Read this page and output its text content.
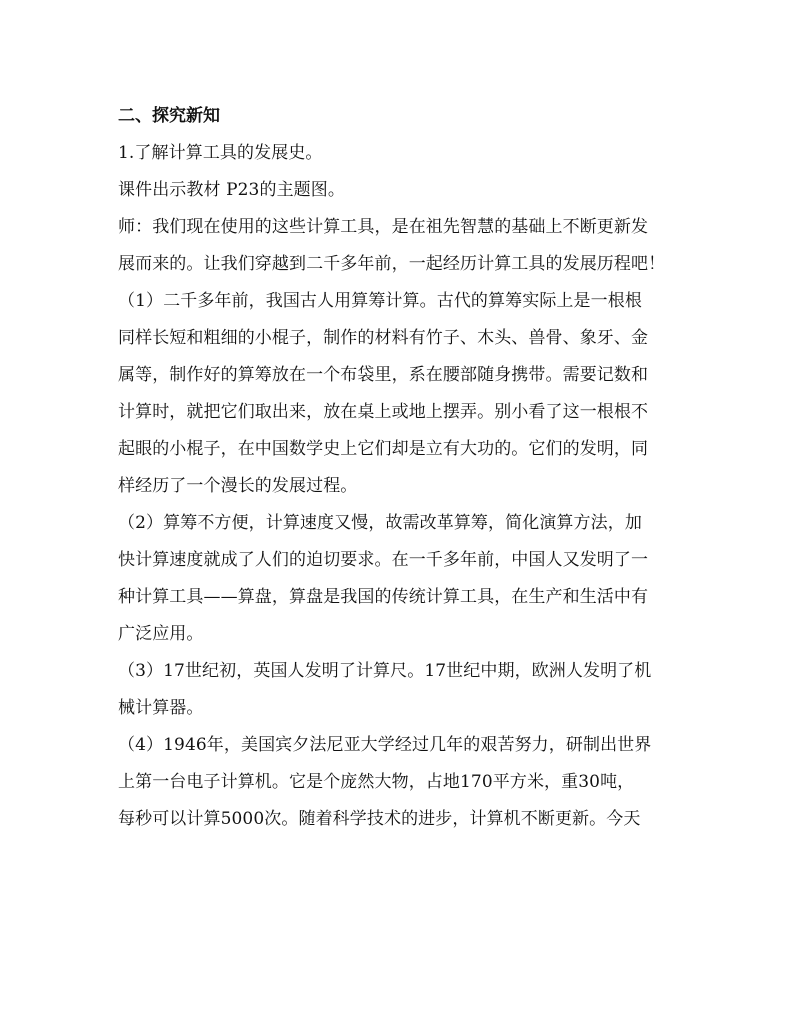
二、探究新知
1.了解计算工具的发展史。
课件出示教材 P23的主题图。
师：我们现在使用的这些计算工具，是在祖先智慧的基础上不断更新发
展而来的。让我们穿越到二千多年前，一起经历计算工具的发展历程吧！
（1）二千多年前，我国古人用算筹计算。古代的算筹实际上是一根根
同样长短和粗细的小棍子，制作的材料有竹子、木头、兽骨、象牙、金
属等，制作好的算筹放在一个布袋里，系在腰部随身携带。需要记数和
计算时，就把它们取出来，放在桌上或地上摆弄。别小看了这一根根不
起眼的小棍子，在中国数学史上它们却是立有大功的。它们的发明，同
样经历了一个漫长的发展过程。
（2）算筹不方便，计算速度又慢，故需改革算筹，简化演算方法，加
快计算速度就成了人们的迫切要求。在一千多年前，中国人又发明了一
种计算工具——算盘，算盘是我国的传统计算工具，在生产和生活中有
广泛应用。
（3）17世纪初，英国人发明了计算尺。17世纪中期，欧洲人发明了机
械计算器。
（4）1946年，美国宾夕法尼亚大学经过几年的艰苦努力，研制出世界
上第一台电子计算机。它是个庞然大物，占地170平方米，重30吨，
每秒可以计算5000次。随着科学技术的进步，计算机不断更新。今天
